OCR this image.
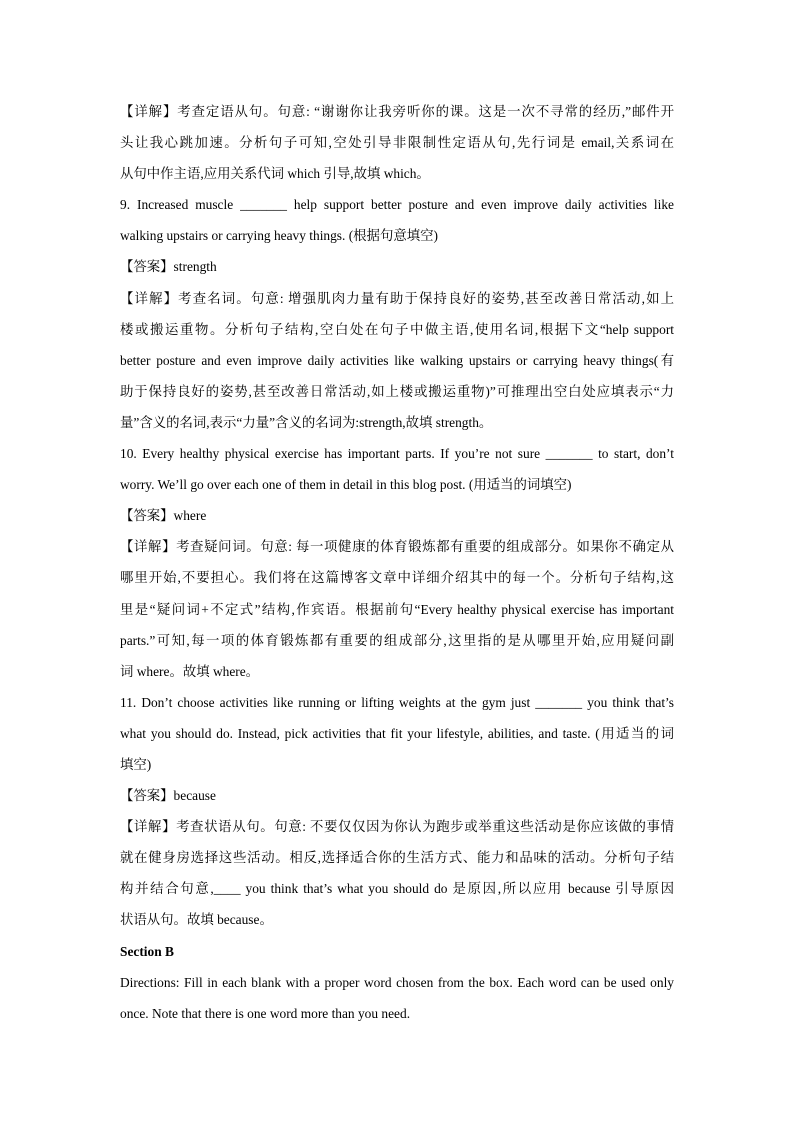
【详解】考查定语从句。句意: “谢谢你让我旁听你的课。这是一次不寻常的经历,”邮件开
头让我心跳加速。分析句子可知,空处引导非限制性定语从句,先行词是 email,关系词在
从句中作主语,应用关系代词 which 引导,故填 which。
9. Increased muscle _______ help support better posture and even improve daily activities like
walking upstairs or carrying heavy things. (根据句意填空)
【答案】strength
【详解】考查名词。句意: 增强肌肉力量有助于保持良好的姿势,甚至改善日常活动,如上
楼或搬运重物。分析句子结构,空白处在句子中做主语,使用名词,根据下文“help support
better posture and even improve daily activities like walking upstairs or carrying heavy things(有
助于保持良好的姿势,甚至改善日常活动,如上楼或搬运重物)”可推理出空白处应填表示“力
量”含义的名词,表示“力量”含义的名词为:strength,故填 strength。
10. Every healthy physical exercise has important parts. If you’re not sure _______ to start, don’t
worry. We’ll go over each one of them in detail in this blog post. (用适当的词填空)
【答案】where
【详解】考查疑问词。句意: 每一项健康的体育锻炼都有重要的组成部分。如果你不确定从
哪里开始,不要担心。我们将在这篇博客文章中详细介绍其中的每一个。分析句子结构,这
里是“疑问词+不定式”结构,作宾语。根据前句“Every healthy physical exercise has important
parts.”可知,每一项的体育锻炼都有重要的组成部分,这里指的是从哪里开始,应用疑问副
词 where。故填 where。
11. Don’t choose activities like running or lifting weights at the gym just _______ you think that’s
what you should do. Instead, pick activities that fit your lifestyle, abilities, and taste. (用适当的词
填空)
【答案】because
【详解】考查状语从句。句意: 不要仅仅因为你认为跑步或举重这些活动是你应该做的事情
就在健身房选择这些活动。相反,选择适合你的生活方式、能力和品味的活动。分析句子结
构并结合句意,____ you think that’s what you should do 是原因,所以应用 because 引导原因
状语从句。故填 because。
Section B
Directions: Fill in each blank with a proper word chosen from the box. Each word can be used only
once. Note that there is one word more than you need.
